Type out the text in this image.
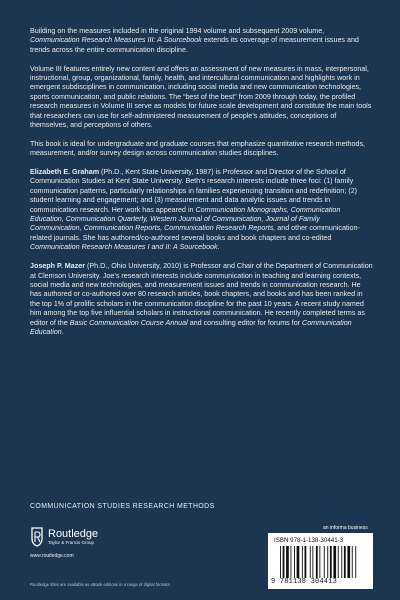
Building on the measures included in the original 1994 volume and subsequent 2009 volume, Communication Research Measures III: A Sourcebook extends its coverage of measurement issues and trends across the entire communication discipline.

Volume III features entirely new content and offers an assessment of new measures in mass, interpersonal, instructional, group, organizational, family, health, and intercultural communication and highlights work in emergent subdisciplines in communication, including social media and new communication technologies, sports communication, and public relations. The “best of the best” from 2009 through today, the profiled research measures in Volume III serve as models for future scale development and constitute the main tools that researchers can use for self-administered measurement of people’s attitudes, conceptions of themselves, and perceptions of others.

This book is ideal for undergraduate and graduate courses that emphasize quantitative research methods, measurement, and/or survey design across communication studies disciplines.

Elizabeth E. Graham (Ph.D., Kent State University, 1987) is Professor and Director of the School of Communication Studies at Kent State University. Beth’s research interests include three foci: (1) family communication patterns, particularly relationships in families experiencing transition and redefinition; (2) student learning and engagement; and (3) measurement and data analytic issues and trends in communication research. Her work has appeared in Communication Monographs, Communication Education, Communication Quarterly, Western Journal of Communication, Journal of Family Communication, Communication Reports, Communication Research Reports, and other communication-related journals. She has authored/co-authored several books and book chapters and co-edited Communication Research Measures I and II: A Sourcebook.

Joseph P. Mazer (Ph.D., Ohio University, 2010) is Professor and Chair of the Department of Communication at Clemson University. Joe’s research interests include communication in teaching and learning contexts, social media and new technologies, and measurement issues and trends in communication research. He has authored or co-authored over 80 research articles, book chapters, and books and has been ranked in the top 1% of prolific scholars in the communication discipline for the past 10 years. A recent study named him among the top five influential scholars in instructional communication. He recently completed terms as editor of the Basic Communication Course Annual and consulting editor for forums for Communication Education.

COMMUNICATION STUDIES RESEARCH METHODS
Routledge
Taylor & Francis Group
www.routledge.com
Routledge titles are available as eBook editions in a range of digital formats
an informa business
ISBN 978-1-138-30441-3
9 781138 304413
